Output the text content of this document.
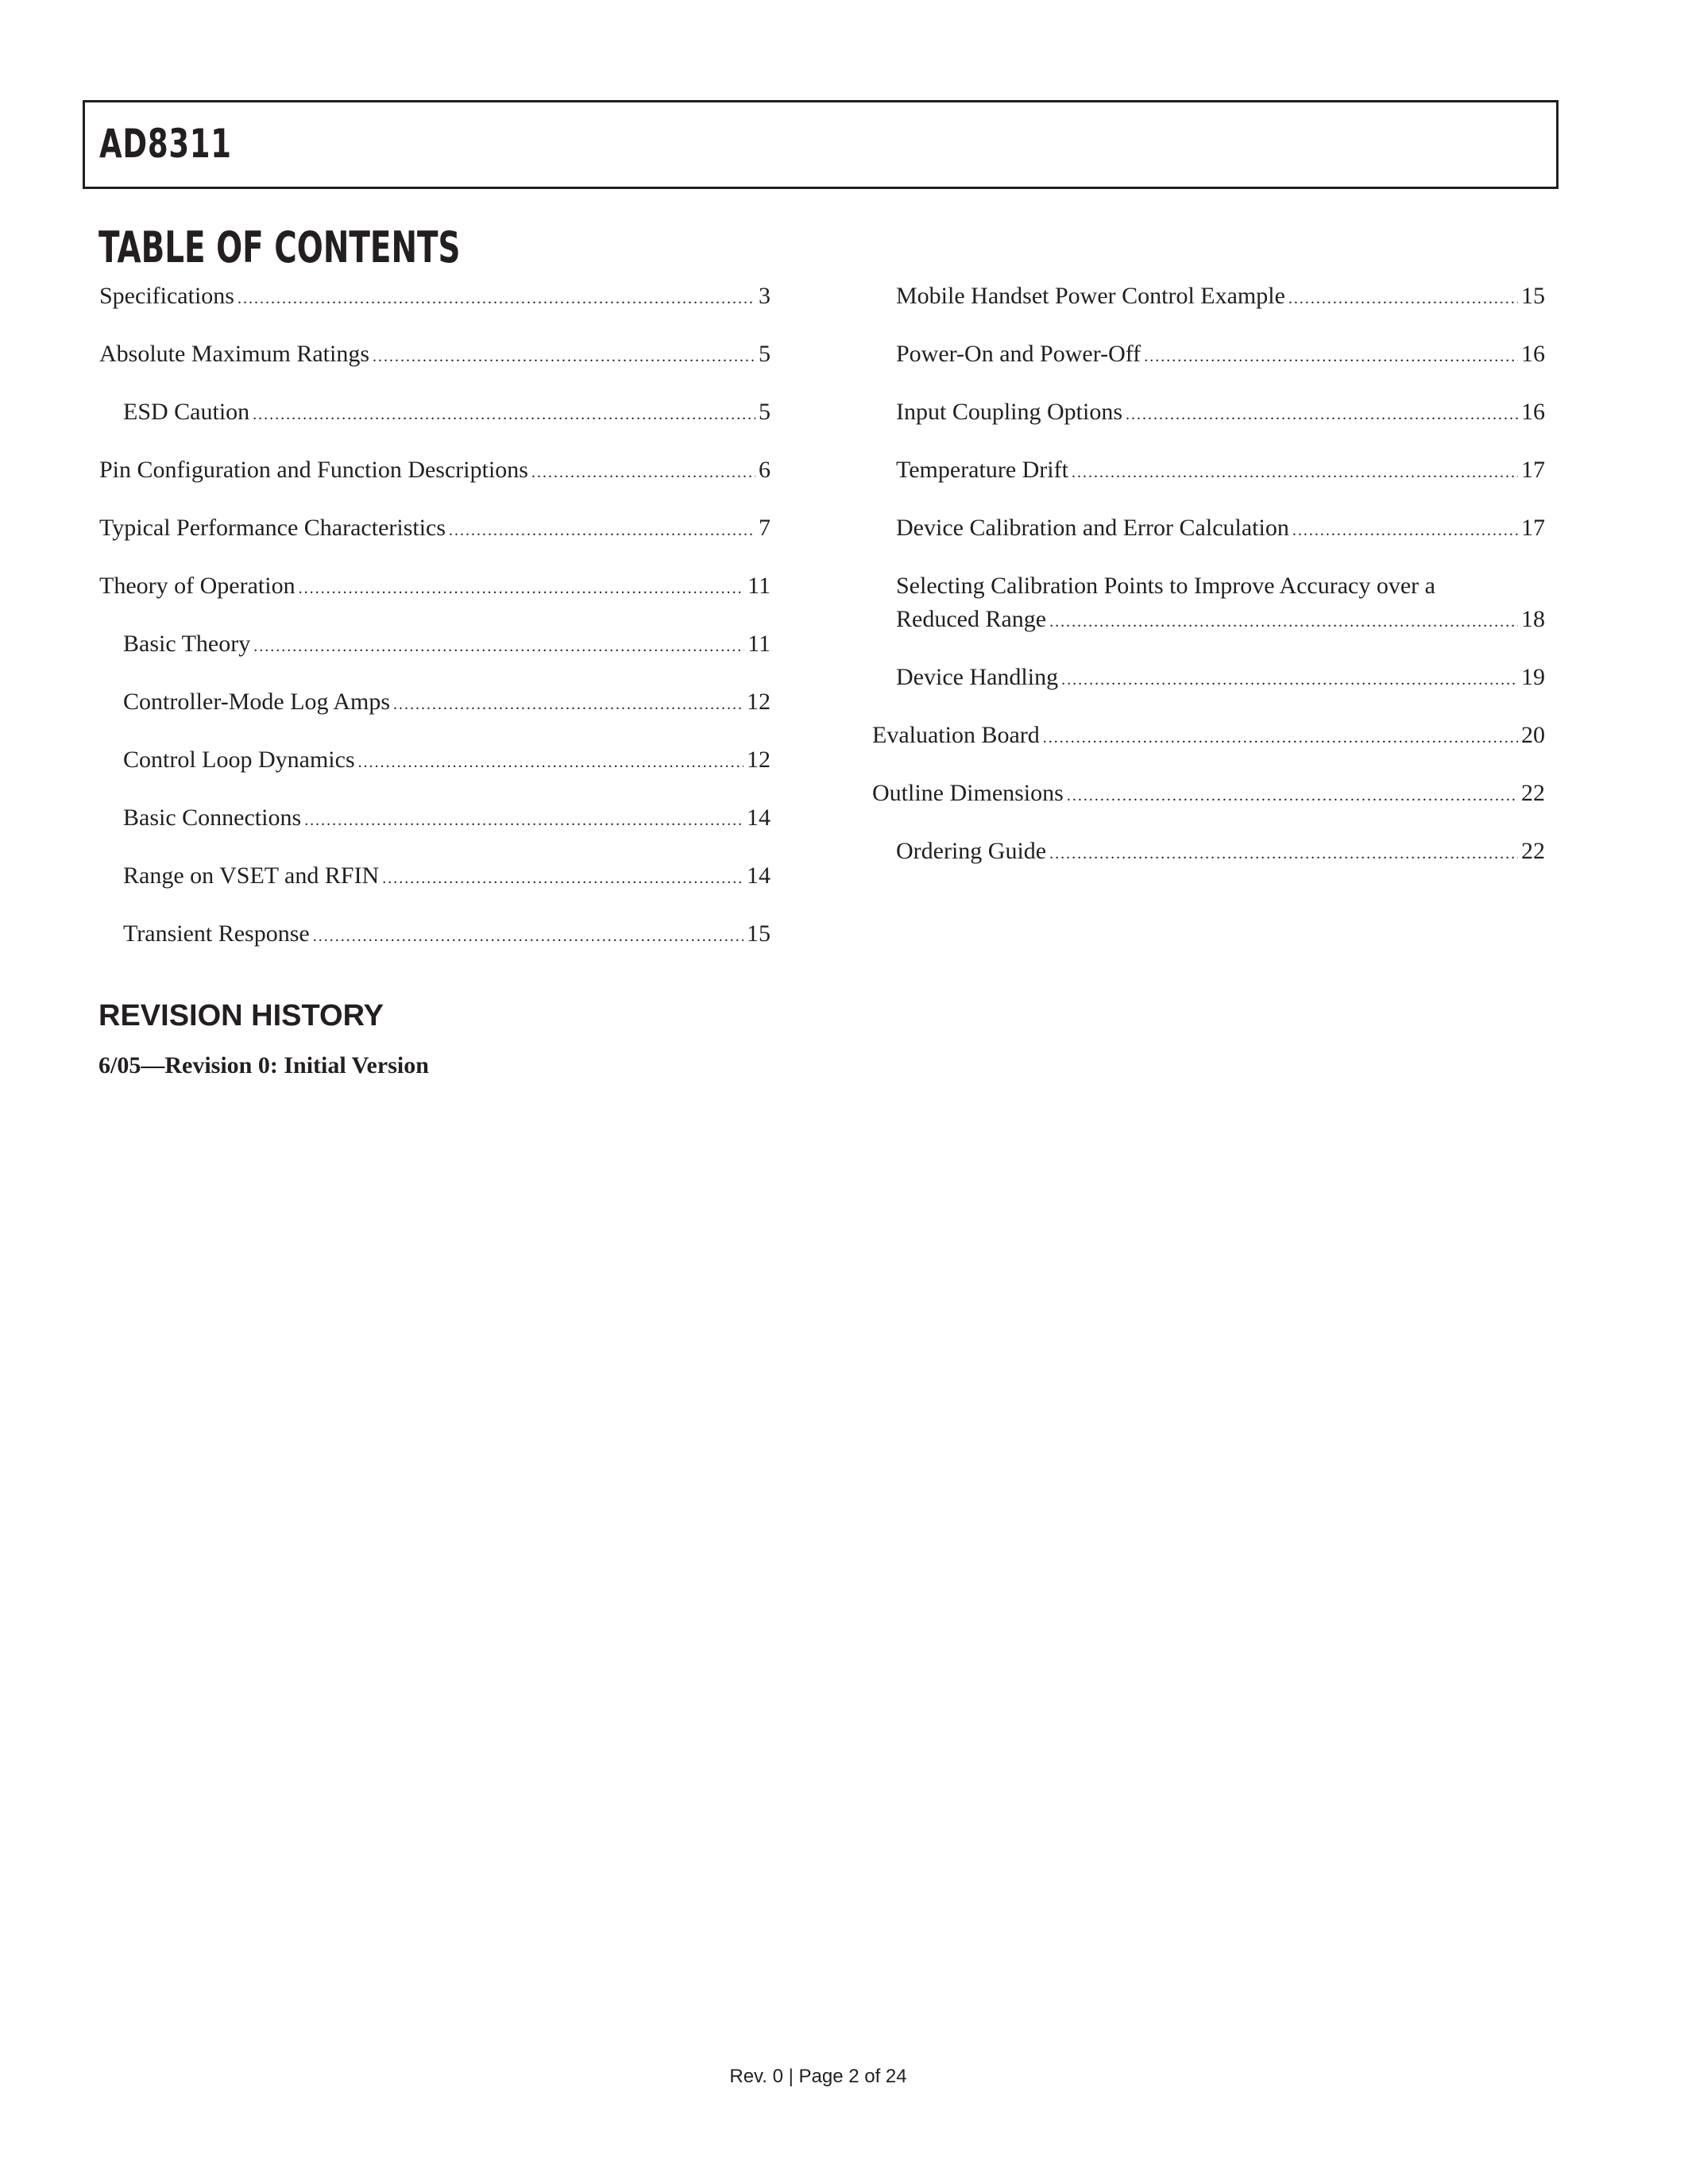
AD8311
TABLE OF CONTENTS
Specifications .....	3
Absolute Maximum Ratings .....	5
ESD Caution .....	5
Pin Configuration and Function Descriptions .....	6
Typical Performance Characteristics .....	7
Theory of Operation .....	11
Basic Theory .....	11
Controller-Mode Log Amps .....	12
Control Loop Dynamics .....	12
Basic Connections .....	14
Range on VSET and RFIN .....	14
Transient Response .....	15
Mobile Handset Power Control Example .....	15
Power-On and Power-Off .....	16
Input Coupling Options .....	16
Temperature Drift .....	17
Device Calibration and Error Calculation .....	17
Selecting Calibration Points to Improve Accuracy over a
Reduced Range .....	18
Device Handling .....	19
Evaluation Board .....	20
Outline Dimensions .....	22
Ordering Guide .....	22
REVISION HISTORY
6/05—Revision 0: Initial Version
Rev. 0 | Page 2 of 24
